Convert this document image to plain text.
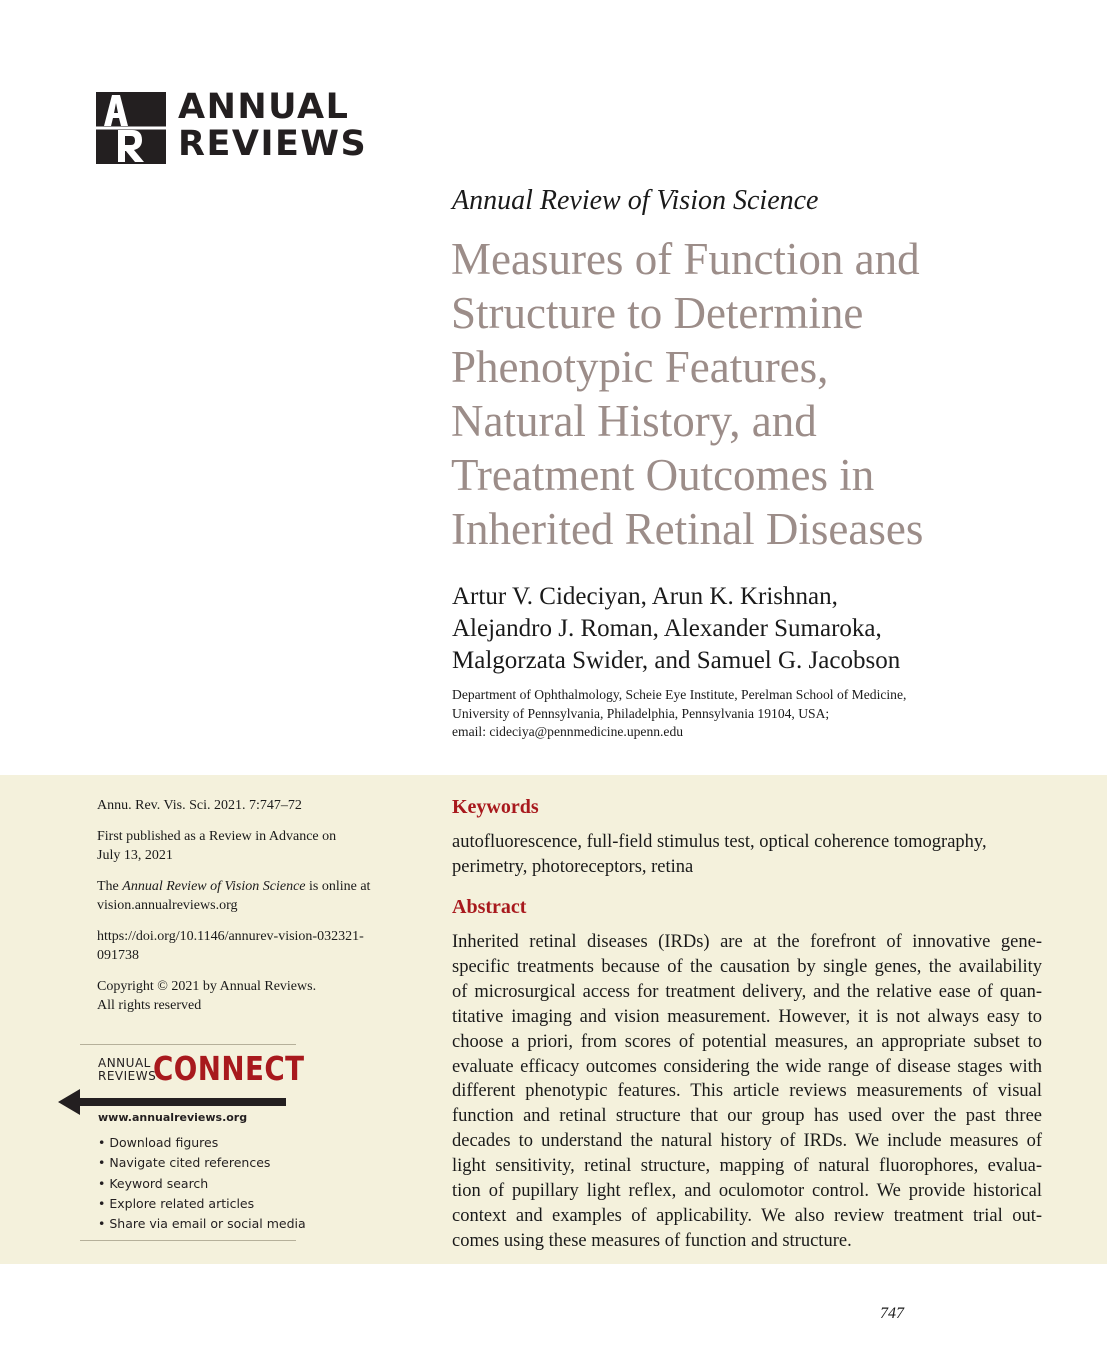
ANNUAL
REVIEWS
Annual Review of Vision Science
Measures of Function and
Structure to Determine
Phenotypic Features,
Natural History, and
Treatment Outcomes in
Inherited Retinal Diseases
Artur V. Cideciyan, Arun K. Krishnan,
Alejandro J. Roman, Alexander Sumaroka,
Malgorzata Swider, and Samuel G. Jacobson
Department of Ophthalmology, Scheie Eye Institute, Perelman School of Medicine,
University of Pennsylvania, Philadelphia, Pennsylvania 19104, USA;
email: cideciya@pennmedicine.upenn.edu

Annu. Rev. Vis. Sci. 2021. 7:747–72

First published as a Review in Advance on
July 13, 2021

The Annual Review of Vision Science is online at
vision.annualreviews.org

https://doi.org/10.1146/annurev-vision-032321-
091738

Copyright © 2021 by Annual Reviews.
All rights reserved

ANNUAL
REVIEWS
CONNECT
www.annualreviews.org
• Download figures
• Navigate cited references
• Keyword search
• Explore related articles
• Share via email or social media
Keywords
autofluorescence, full-field stimulus test, optical coherence tomography,
perimetry, photoreceptors, retina
Abstract
Inherited retinal diseases (IRDs) are at the forefront of innovative gene-
specific treatments because of the causation by single genes, the availability
of microsurgical access for treatment delivery, and the relative ease of quan-
titative imaging and vision measurement. However, it is not always easy to
choose a priori, from scores of potential measures, an appropriate subset to
evaluate efficacy outcomes considering the wide range of disease stages with
different phenotypic features. This article reviews measurements of visual
function and retinal structure that our group has used over the past three
decades to understand the natural history of IRDs. We include measures of
light sensitivity, retinal structure, mapping of natural fluorophores, evalua-
tion of pupillary light reflex, and oculomotor control. We provide historical
context and examples of applicability. We also review treatment trial out-
comes using these measures of function and structure.
747
